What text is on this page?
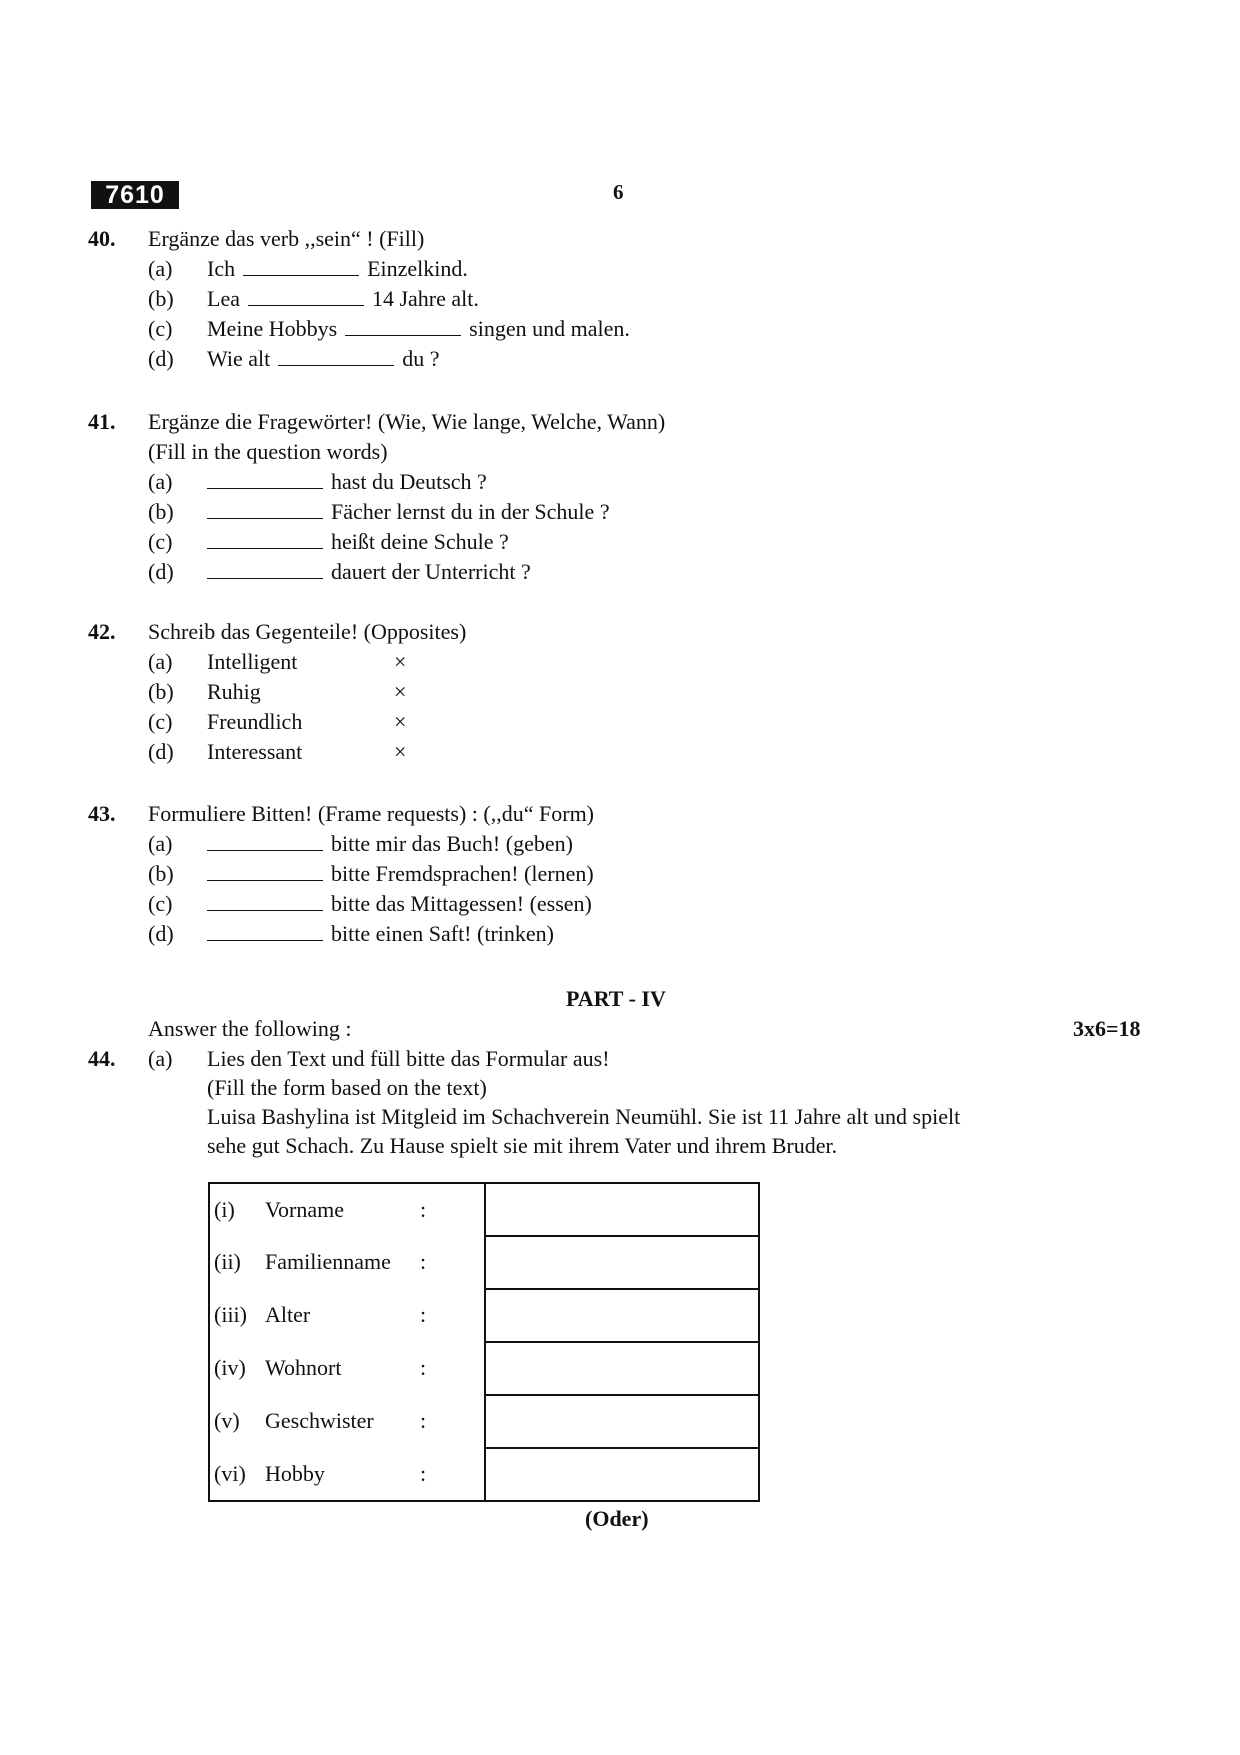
7610	6
40. Ergänze das verb ,,sein“ ! (Fill)
(a) Ich	Einzelkind.
(b) Lea	14 Jahre alt.
(c) Meine Hobbys	singen und malen.
(d) Wie alt	du ?
41. Ergänze die Fragewörter! (Wie, Wie lange, Welche, Wann)
(Fill in the question words)
(a)	hast du Deutsch ?
(b)	Fächer lernst du in der Schule ?
(c)	heißt deine Schule ?
(d)	dauert der Unterricht ?
42. Schreib das Gegenteile! (Opposites)
(a) Intelligent	×
(b) Ruhig	×
(c) Freundlich	×
(d) Interessant	×
43. Formuliere Bitten! (Frame requests) : (,,du“ Form)
(a)	bitte mir das Buch! (geben)
(b)	bitte Fremdsprachen! (lernen)
(c)	bitte das Mittagessen! (essen)
(d)	bitte einen Saft! (trinken)
PART - IV
Answer the following :	3x6=18
44. (a) Lies den Text und füll bitte das Formular aus!
(Fill the form based on the text)
Luisa Bashylina ist Mitgleid im Schachverein Neumühl. Sie ist 11 Jahre alt und spielt
sehe gut Schach. Zu Hause spielt sie mit ihrem Vater und ihrem Bruder.
(i) Vorname :	

(ii) Familienname :	

(iii) Alter :	

(iv) Wohnort :	

(v) Geschwister :	

(vi) Hobby :	

(Oder)
